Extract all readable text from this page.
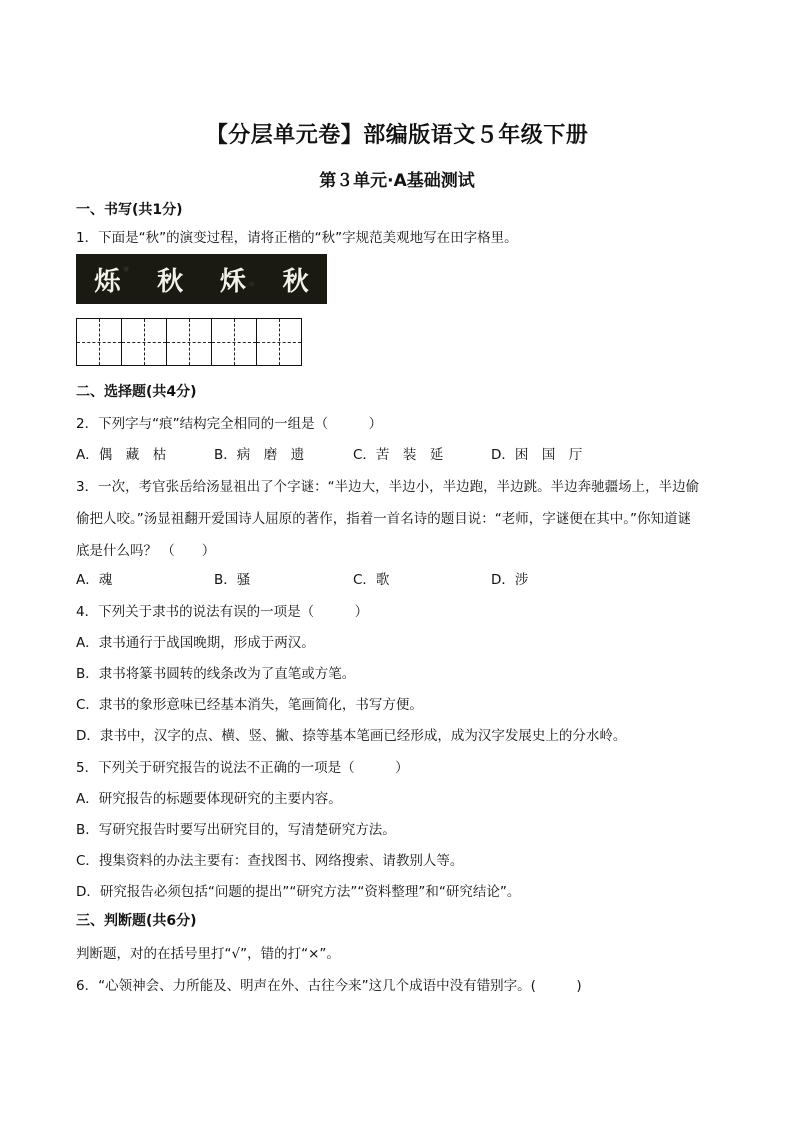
【分层单元卷】部编版语文５年级下册
第３单元·A基础测试
一、书写(共1分)
1．下面是“秋”的演变过程，请将正楷的“秋”字规范美观地写在田字格里。
烁 秋 秌 秋
二、选择题(共4分)
2．下列字与“痕”结构完全相同的一组是（　　　）
A．偶　藏　枯	B．病　磨　遗	C．苦　装　延	D．困　国　厅
3．一次，考官张岳给汤显祖出了个字谜：“半边大，半边小，半边跑，半边跳。半边奔驰疆场上，半边偷
偷把人咬。”汤显祖翻开爱国诗人屈原的著作，指着一首名诗的题目说：“老师，字谜便在其中。”你知道谜
底是什么吗？ （　　）
A．魂	B．骚	C．歌	D．涉
4．下列关于隶书的说法有误的一项是（　　　）
A．隶书通行于战国晚期，形成于两汉。
B．隶书将篆书圆转的线条改为了直笔或方笔。
C．隶书的象形意味已经基本消失，笔画简化，书写方便。
D．隶书中，汉字的点、横、竖、撇、捺等基本笔画已经形成，成为汉字发展史上的分水岭。
5．下列关于研究报告的说法不正确的一项是（　　　）
A．研究报告的标题要体现研究的主要内容。
B．写研究报告时要写出研究目的，写清楚研究方法。
C．搜集资料的办法主要有：查找图书、网络搜索、请教别人等。
D．研究报告必须包括“问题的提出”“研究方法”“资料整理”和“研究结论”。
三、判断题(共6分)
判断题，对的在括号里打“√”，错的打“×”。
6．“心领神会、力所能及、明声在外、古往今来”这几个成语中没有错别字。(　　　)
